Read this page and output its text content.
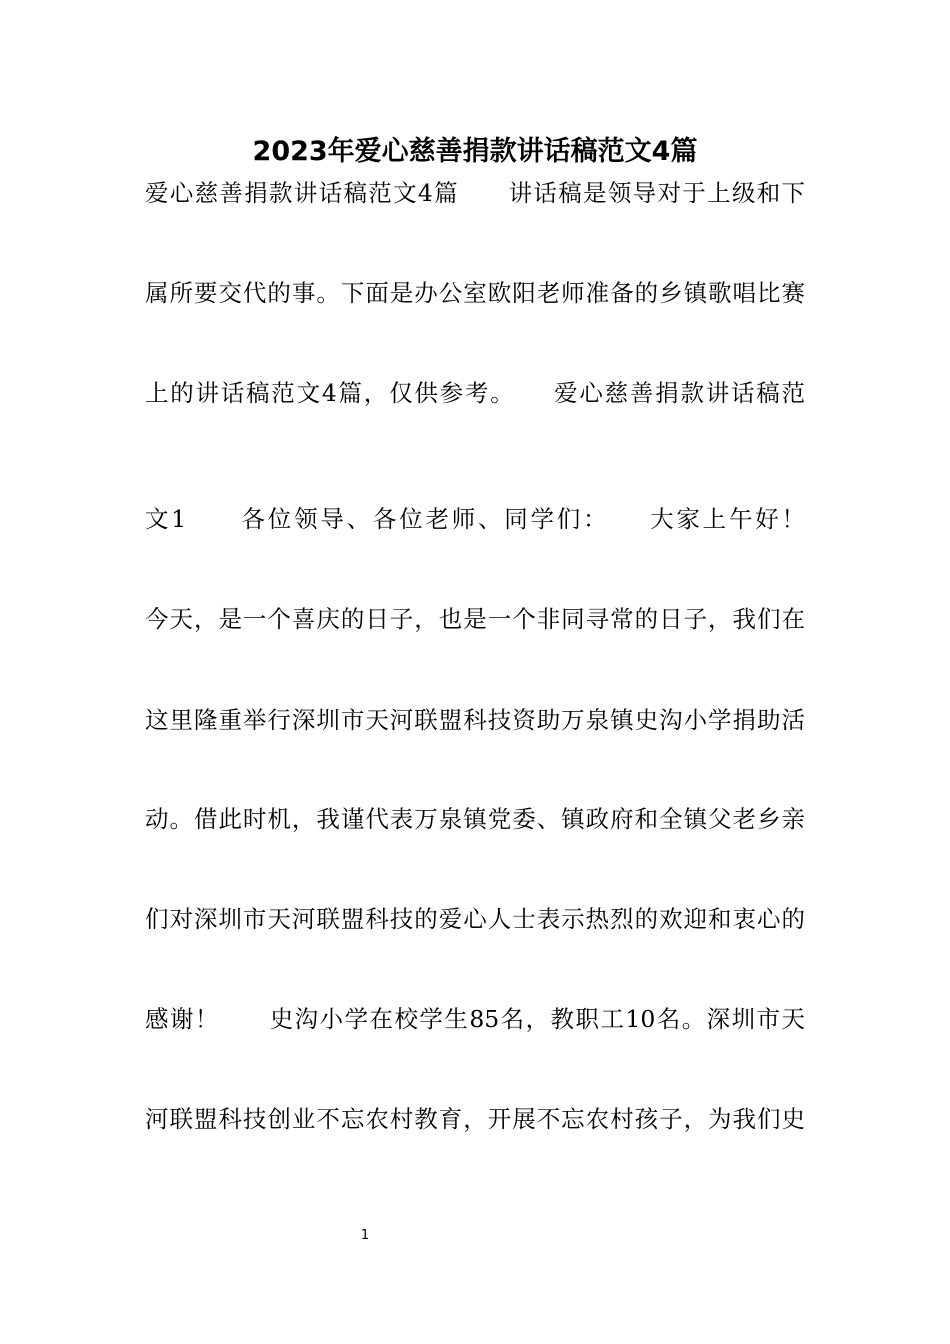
2023年爱心慈善捐款讲话稿范文4篇
爱心慈善捐款讲话稿范文4篇　　讲话稿是领导对于上级和下
属所要交代的事。下面是办公室欧阳老师准备的乡镇歌唱比赛
上的讲话稿范文4篇，仅供参考。　　爱心慈善捐款讲话稿范
文1　　各位领导、各位老师、同学们：　　大家上午好！
今天，是一个喜庆的日子，也是一个非同寻常的日子，我们在
这里隆重举行深圳市天河联盟科技资助万泉镇史沟小学捐助活
动。借此时机，我谨代表万泉镇党委、镇政府和全镇父老乡亲
们对深圳市天河联盟科技的爱心人士表示热烈的欢迎和衷心的
感谢！　　史沟小学在校学生85名，教职工10名。深圳市天
河联盟科技创业不忘农村教育，开展不忘农村孩子，为我们史
1
